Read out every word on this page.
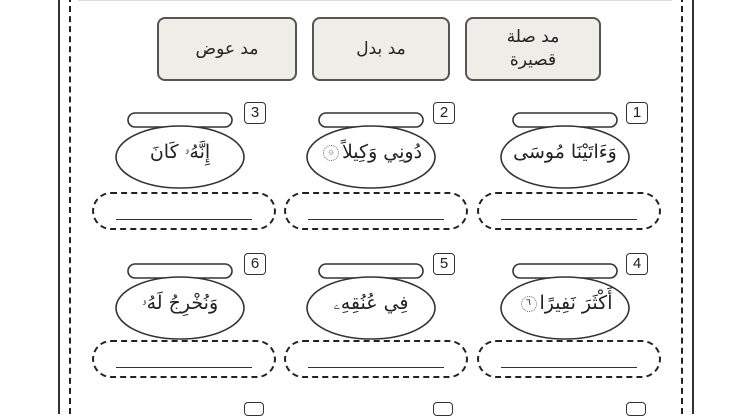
مد صلة
قصيرة
مد بدل
مد عوض
وَءَاتَيْنَا مُوسَى
1
دُونِي وَكِيلاً۞
2
إِنَّهُۥ كَانَ
3
أَكْثَرَ نَفِيرًا٦
4
فِي عُنُقِهِۦ
5
وَنُخْرِجُ لَهُۥ
6
